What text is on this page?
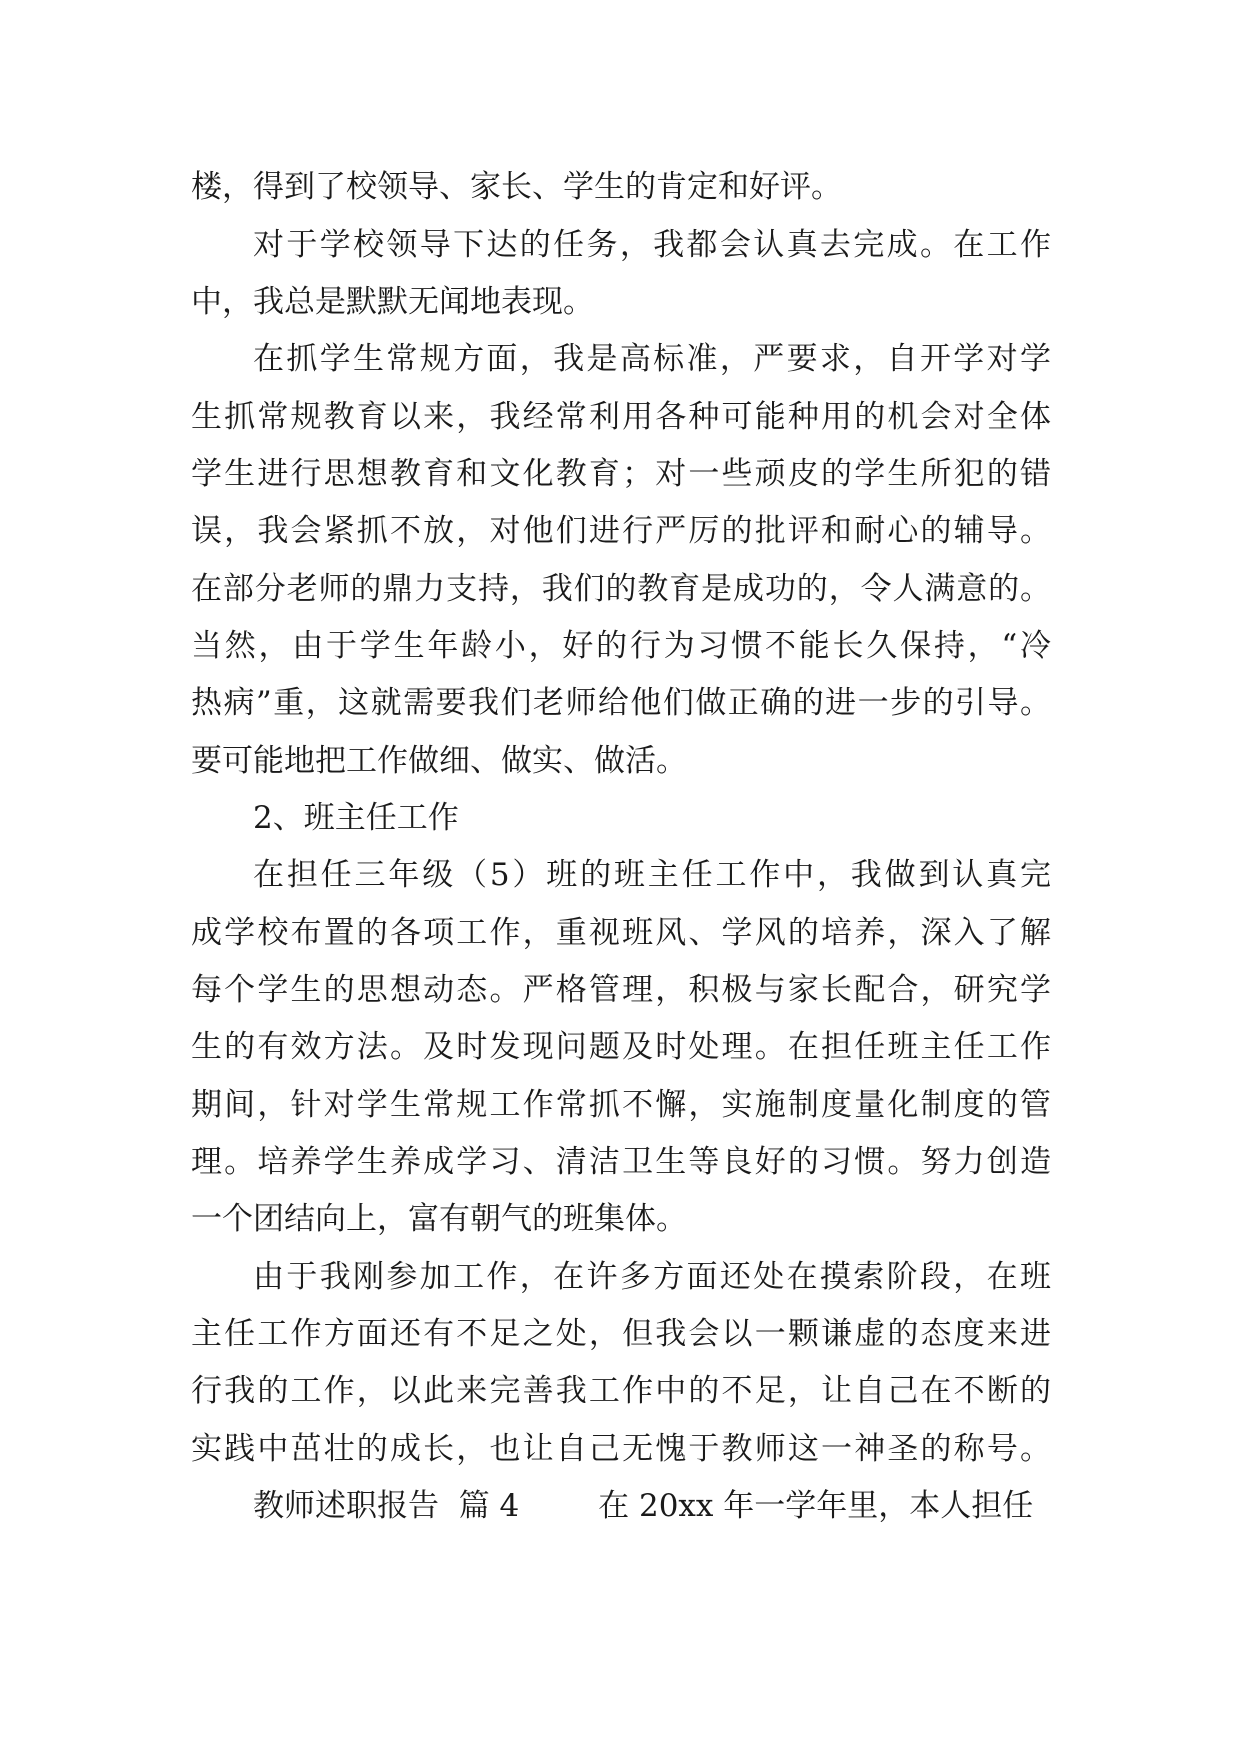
楼，得到了校领导、家长、学生的肯定和好评。
对于学校领导下达的任务，我都会认真去完成。在工作
中，我总是默默无闻地表现。
在抓学生常规方面，我是高标准，严要求，自开学对学
生抓常规教育以来，我经常利用各种可能种用的机会对全体
学生进行思想教育和文化教育；对一些顽皮的学生所犯的错
误，我会紧抓不放，对他们进行严厉的批评和耐心的辅导。
在部分老师的鼎力支持，我们的教育是成功的，令人满意的。
当然，由于学生年龄小，好的行为习惯不能长久保持，“冷
热病”重，这就需要我们老师给他们做正确的进一步的引导。
要可能地把工作做细、做实、做活。
2、班主任工作
在担任三年级（5）班的班主任工作中，我做到认真完
成学校布置的各项工作，重视班风、学风的培养，深入了解
每个学生的思想动态。严格管理，积极与家长配合，研究学
生的有效方法。及时发现问题及时处理。在担任班主任工作
期间，针对学生常规工作常抓不懈，实施制度量化制度的管
理。培养学生养成学习、清洁卫生等良好的习惯。努力创造
一个团结向上，富有朝气的班集体。
由于我刚参加工作，在许多方面还处在摸索阶段，在班
主任工作方面还有不足之处，但我会以一颗谦虚的态度来进
行我的工作，以此来完善我工作中的不足，让自己在不断的
实践中茁壮的成长，也让自己无愧于教师这一神圣的称号。
教师述职报告  篇 4        在 20xx 年一学年里，本人担任
